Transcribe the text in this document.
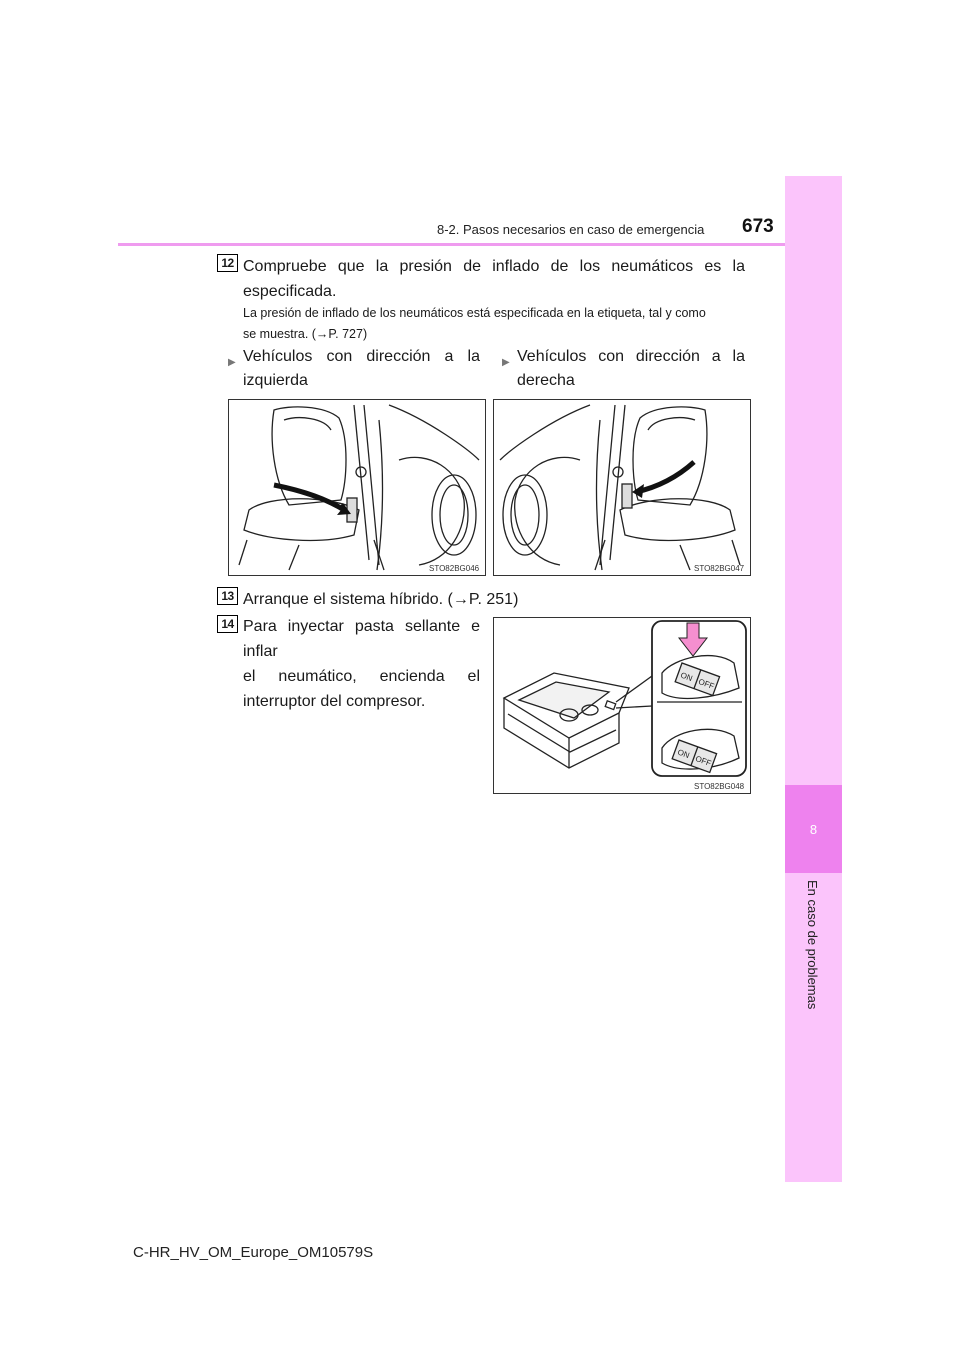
8-2. Pasos necesarios en caso de emergencia 673
8
En caso de problemas
12 Compruebe que la presión de inflado de los neumáticos es la
especificada.
La presión de inflado de los neumáticos está especificada en la etiqueta, tal y como
se muestra. (→P. 727)
▶ Vehículos con dirección a la
izquierda
▶ Vehículos con dirección a la
derecha
STO82BG046	STO82BG047
13 Arranque el sistema híbrido. (→P. 251)
14 Para inyectar pasta sellante e inflar
el neumático, encienda el
interruptor del compresor.
ON
OFF
ON
OFF
STO82BG048
C-HR_HV_OM_Europe_OM10579S
